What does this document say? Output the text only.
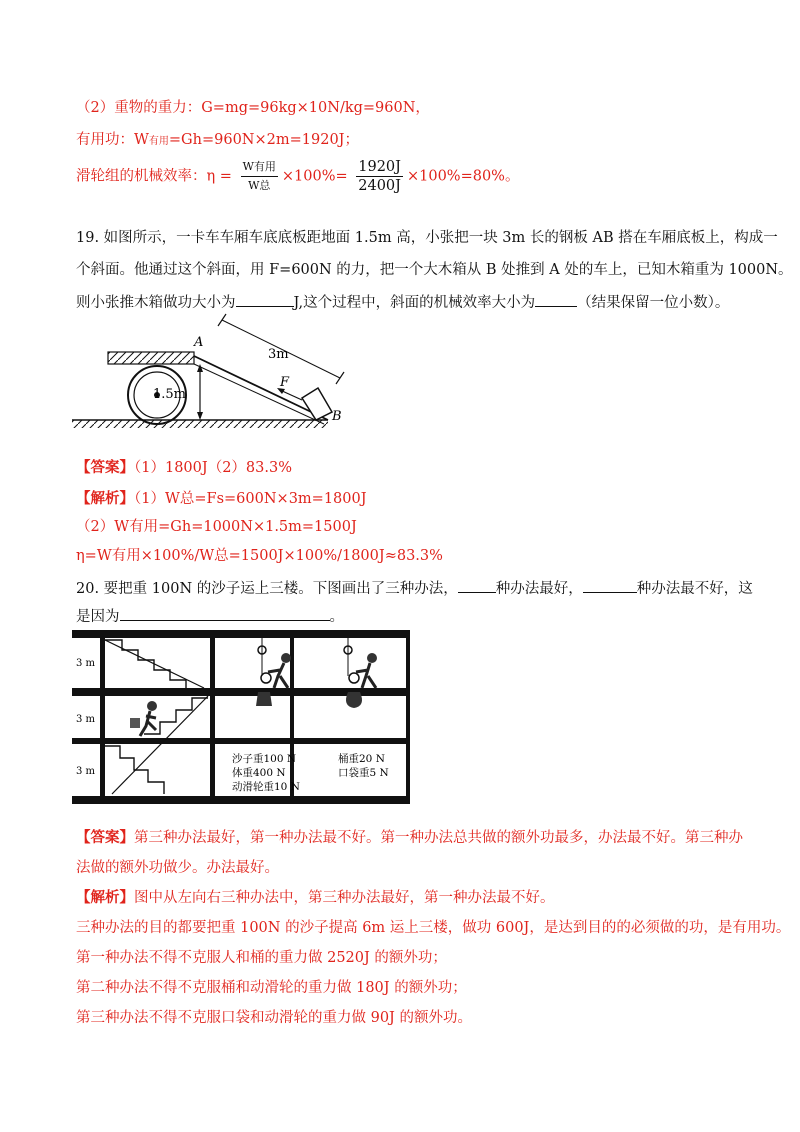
（2）重物的重力：G=mg=96kg×10N/kg=960N，
有用功：W有用=Gh=960N×2m=1920J；
滑轮组的机械效率：$\eta = \frac{\text{W有用}}{\text{W总}} \times 100\%= \frac{1920J}{2400J} \times 100\%=80\%$。
19. 如图所示，一卡车车厢车底底板距地面 1.5m 高，小张把一块 3m 长的钢板 AB 搭在车厢底板上，构成一
个斜面。他通过这个斜面，用 F=600N 的力，把一个大木箱从 B 处推到 A 处的车上，已知木箱重为 1000N。
则小张推木箱做功大小为	J,这个过程中，斜面的机械效率大小为	（结果保留一位小数）。
A
B
F
3m
1.5m
【答案】（1）1800J（2）83.3%
【解析】（1）W总=Fs=600N×3m=1800J
（2）W有用=Gh=1000N×1.5m=1500J
η=W有用×100%/W总=1500J×100%/1800J≈83.3%
20. 要把重 100N 的沙子运上三楼。下图画出了三种办法，	种办法最好，	种办法最不好，这
是因为	。
3 m
3 m
3 m
沙子重100 N	桶重20 N
体重400 N	口袋重5 N
动滑轮重10 N
【答案】第三种办法最好，第一种办法最不好。第一种办法总共做的额外功最多，办法最不好。第三种办
法做的额外功做少。办法最好。
【解析】图中从左向右三种办法中，第三种办法最好，第一种办法最不好。
三种办法的目的都要把重 100N 的沙子提高 6m 运上三楼，做功 600J，是达到目的的必须做的功，是有用功。
第一种办法不得不克服人和桶的重力做 2520J 的额外功；
第二种办法不得不克服桶和动滑轮的重力做 180J 的额外功；
第三种办法不得不克服口袋和动滑轮的重力做 90J 的额外功。
